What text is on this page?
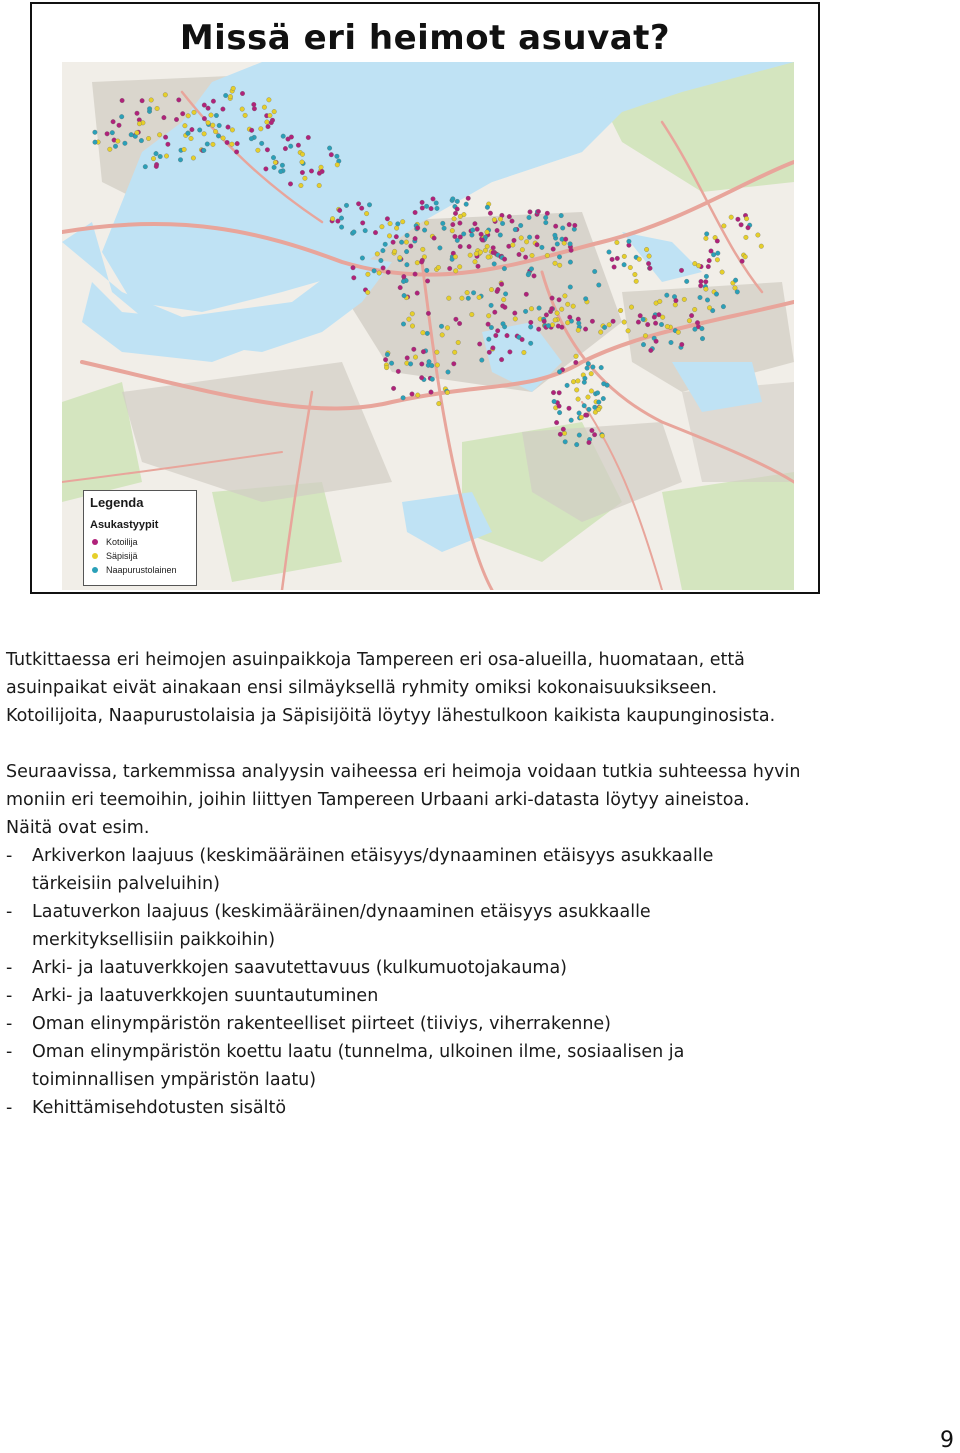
Missä eri heimot asuvat?
Legenda
Asukastyypit
Kotoilija
Säpisijä
Naapurustolainen

Tutkittaessa eri heimojen asuinpaikkoja Tampereen eri osa-alueilla, huomataan, että
asuinpaikat eivät ainakaan ensi silmäyksellä ryhmity omiksi kokonaisuuksikseen.
Kotoilijoita, Naapurustolaisia ja Säpisijöitä löytyy lähestulkoon kaikista kaupunginosista.

Seuraavissa, tarkemmissa analyysin vaiheessa eri heimoja voidaan tutkia suhteessa hyvin
moniin eri teemoihin, joihin liittyen Tampereen Urbaani arki-datasta löytyy aineistoa.
Näitä ovat esim.

-	Arkiverkon laajuus (keskimääräinen etäisyys/dynaaminen etäisyys asukkaalle
tärkeisiin palveluihin)
-	Laatuverkon laajuus (keskimääräinen/dynaaminen etäisyys asukkaalle
merkityksellisiin paikkoihin)
-	Arki- ja laatuverkkojen saavutettavuus (kulkumuotojakauma)
-	Arki- ja laatuverkkojen suuntautuminen
-	Oman elinympäristön rakenteelliset piirteet (tiiviys, viherrakenne)
-	Oman elinympäristön koettu laatu (tunnelma, ulkoinen ilme, sosiaalisen ja
toiminnallisen ympäristön laatu)
-	Kehittämisehdotusten sisältö
9
